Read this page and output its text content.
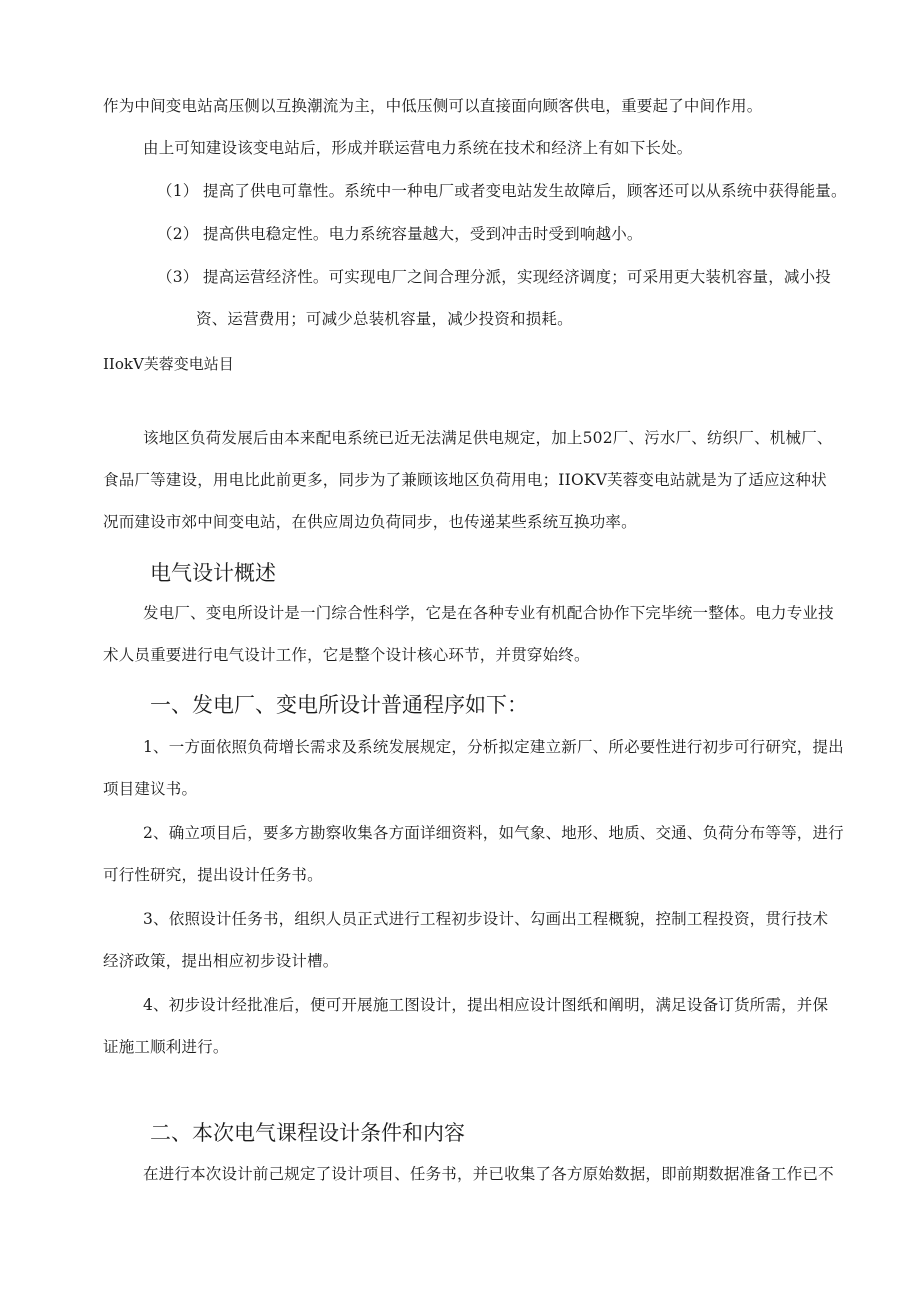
作为中间变电站高压侧以互换潮流为主，中低压侧可以直接面向顾客供电，重要起了中间作用。
由上可知建设该变电站后，形成并联运营电力系统在技术和经济上有如下长处。
（1） 提高了供电可靠性。系统中一种电厂或者变电站发生故障后，顾客还可以从系统中获得能量。
（2） 提高供电稳定性。电力系统容量越大，受到冲击时受到响越小。
（3） 提高运营经济性。可实现电厂之间合理分派，实现经济调度；可采用更大装机容量，减小投
资、运营费用；可减少总装机容量，减少投资和损耗。
IIokV芙蓉变电站目
该地区负荷发展后由本来配电系统已近无法满足供电规定，加上502厂、污水厂、纺织厂、机械厂、
食品厂等建设，用电比此前更多，同步为了兼顾该地区负荷用电；IIOKV芙蓉变电站就是为了适应这种状
况而建设市郊中间变电站，在供应周边负荷同步，也传递某些系统互换功率。
电气设计概述
发电厂、变电所设计是一门综合性科学，它是在各种专业有机配合协作下完毕统一整体。电力专业技
术人员重要进行电气设计工作，它是整个设计核心环节，并贯穿始终。
一、发电厂、变电所设计普通程序如下：
1、一方面依照负荷增长需求及系统发展规定，分析拟定建立新厂、所必要性进行初步可行研究，提出
项目建议书。
2、确立项目后，要多方勘察收集各方面详细资料，如气象、地形、地质、交通、负荷分布等等，进行
可行性研究，提出设计任务书。
3、依照设计任务书，组织人员正式进行工程初步设计、勾画出工程概貌，控制工程投资，贯行技术
经济政策，提出相应初步设计槽。
4、初步设计经批准后，便可开展施工图设计，提出相应设计图纸和阐明，满足设备订货所需，并保
证施工顺利进行。
二、本次电气课程设计条件和内容
在进行本次设计前己规定了设计项目、任务书，并已收集了各方原始数据，即前期数据准备工作已不
